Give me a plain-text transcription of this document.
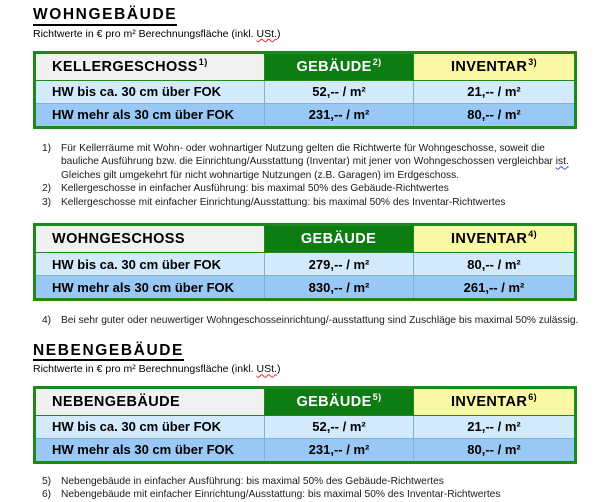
WOHNGEBÄUDE
Richtwerte in € pro m² Berechnungsfläche (inkl. USt.)
KELLERGESCHOSS$^{1)}$	GEBÄUDE$^{2)}$	INVENTAR$^{3)}$
HW bis ca. 30 cm über FOK	52,-- / m²	21,-- / m²
HW mehr als 30 cm über FOK	231,-- / m²	80,-- / m²
1) Für Kellerräume mit Wohn- oder wohnartiger Nutzung gelten die Richtwerte für Wohngeschosse, soweit die bauliche Ausführung bzw. die Einrichtung/Ausstattung (Inventar) mit jener von Wohngeschossen vergleichbar ist. Gleiches gilt umgekehrt für nicht wohnartige Nutzungen (z.B. Garagen) im Erdgeschoss.
2) Kellergeschosse in einfacher Ausführung: bis maximal 50% des Gebäude-Richtwertes
3) Kellergeschosse mit einfacher Einrichtung/Ausstattung: bis maximal 50% des Inventar-Richtwertes
WOHNGESCHOSS	GEBÄUDE	INVENTAR$^{4)}$
HW bis ca. 30 cm über FOK	279,-- / m²	80,-- / m²
HW mehr als 30 cm über FOK	830,-- / m²	261,-- / m²
4) Bei sehr guter oder neuwertiger Wohngeschosseinrichtung/-ausstattung sind Zuschläge bis maximal 50% zulässig.
NEBENGEBÄUDE
Richtwerte in € pro m² Berechnungsfläche (inkl. USt.)
NEBENGEBÄUDE	GEBÄUDE$^{5)}$	INVENTAR$^{6)}$
HW bis ca. 30 cm über FOK	52,-- / m²	21,-- / m²
HW mehr als 30 cm über FOK	231,-- / m²	80,-- / m²
5) Nebengebäude in einfacher Ausführung: bis maximal 50% des Gebäude-Richtwertes
6) Nebengebäude mit einfacher Einrichtung/Ausstattung: bis maximal 50% des Inventar-Richtwertes
